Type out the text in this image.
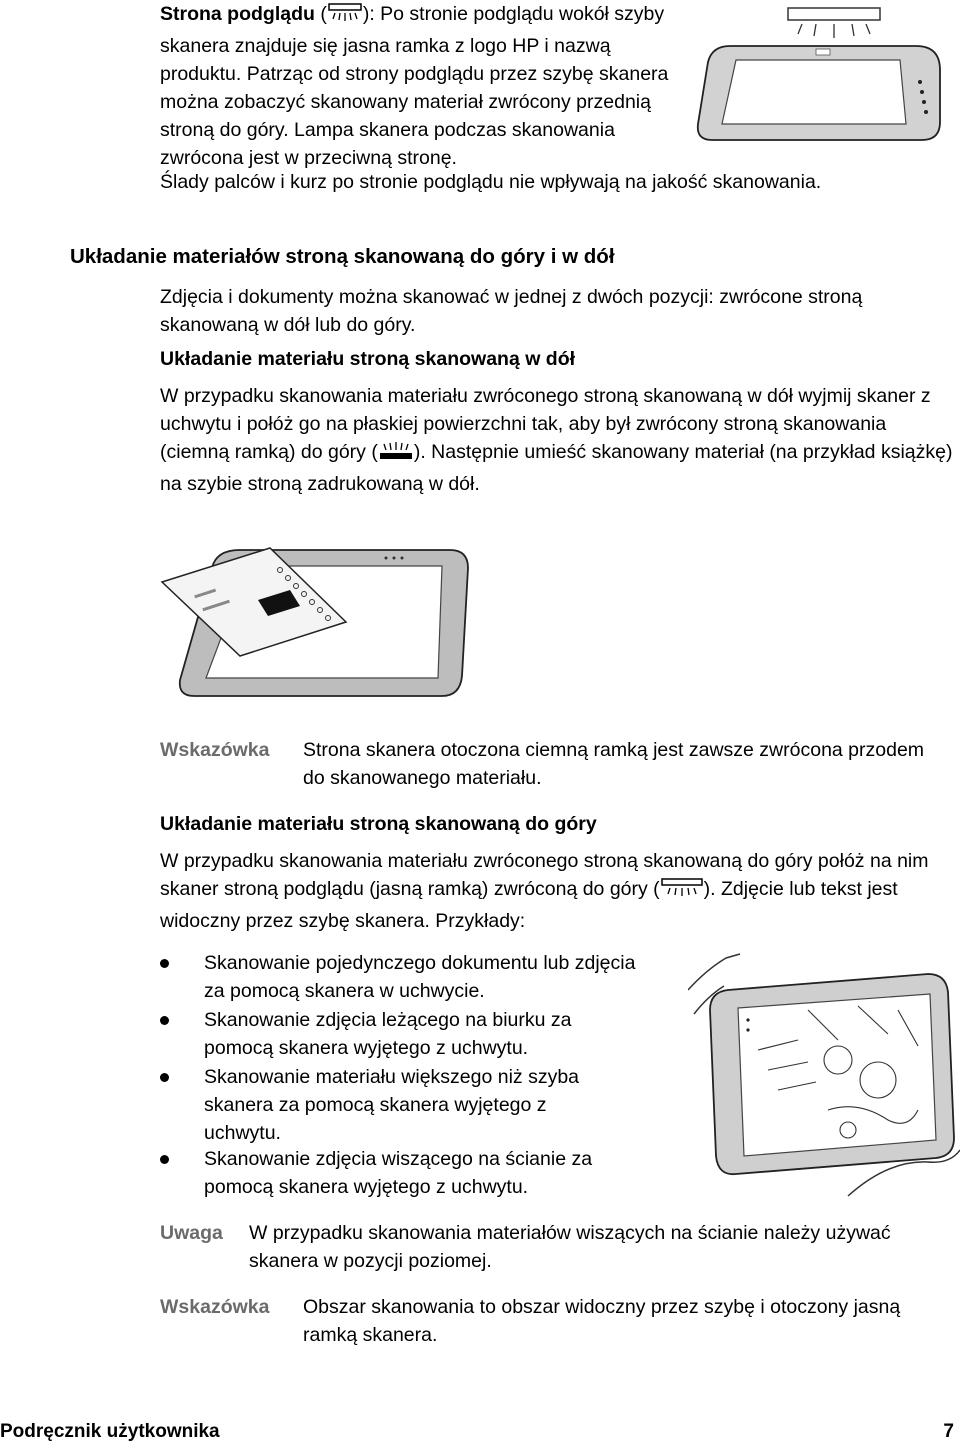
Strona podglądu ( ): Po stronie podglądu wokół szyby skanera znajduje się jasna ramka z logo HP i nazwą produktu. Patrząc od strony podglądu przez szybę skanera można zobaczyć skanowany materiał zwrócony przednią stroną do góry. Lampa skanera podczas skanowania zwrócona jest w przeciwną stronę.
Ślady palców i kurz po stronie podglądu nie wpływają na jakość skanowania.
Układanie materiałów stroną skanowaną do góry i w dół
Zdjęcia i dokumenty można skanować w jednej z dwóch pozycji: zwrócone stroną skanowaną w dół lub do góry.
Układanie materiału stroną skanowaną w dół
W przypadku skanowania materiału zwróconego stroną skanowaną w dół wyjmij skaner z uchwytu i połóż go na płaskiej powierzchni tak, aby był zwrócony stroną skanowania (ciemną ramką) do góry ( ). Następnie umieść skanowany materiał (na przykład książkę) na szybie stroną zadrukowaną w dół.
Wskazówka Strona skanera otoczona ciemną ramką jest zawsze zwrócona przodem do skanowanego materiału.
Układanie materiału stroną skanowaną do góry
W przypadku skanowania materiału zwróconego stroną skanowaną do góry połóż na nim skaner stroną podglądu (jasną ramką) zwróconą do góry ( ). Zdjęcie lub tekst jest widoczny przez szybę skanera. Przykłady:
Skanowanie pojedynczego dokumentu lub zdjęcia za pomocą skanera w uchwycie.
Skanowanie zdjęcia leżącego na biurku za pomocą skanera wyjętego z uchwytu.
Skanowanie materiału większego niż szyba skanera za pomocą skanera wyjętego z uchwytu.
Skanowanie zdjęcia wiszącego na ścianie za pomocą skanera wyjętego z uchwytu.
Uwaga W przypadku skanowania materiałów wiszących na ścianie należy używać skanera w pozycji poziomej.
Wskazówka Obszar skanowania to obszar widoczny przez szybę i otoczony jasną ramką skanera.
Podręcznik użytkownika	7
